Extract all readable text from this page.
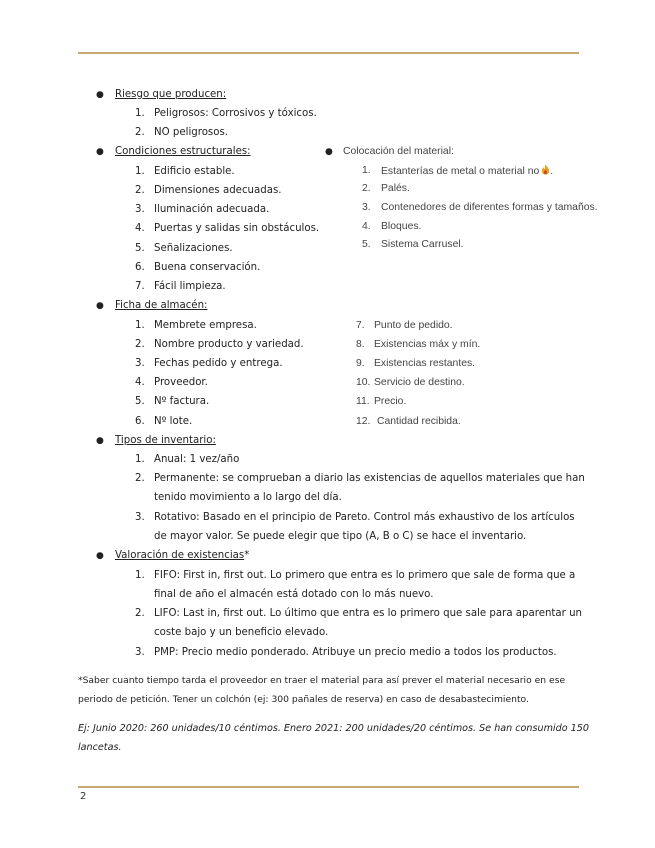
● Riesgo que producen:
1. Peligrosos: Corrosivos y tóxicos.
2. NO peligrosos.
● Condiciones estructurales:
1. Edificio estable.
2. Dimensiones adecuadas.
3. Iluminación adecuada.
4. Puertas y salidas sin obstáculos.
5. Señalizaciones.
6. Buena conservación.
7. Fácil limpieza.
● Colocación del material:
1. Estanterías de metal o material no .
2. Palés.
3. Contenedores de diferentes formas y tamaños.
4. Bloques.
5. Sistema Carrusel.
● Ficha de almacén:
1. Membrete empresa.
2. Nombre producto y variedad.
3. Fechas pedido y entrega.
4. Proveedor.
5. Nº factura.
6. Nº lote.
7. Punto de pedido.
8. Existencias máx y mín.
9. Existencias restantes.
10. Servicio de destino.
11. Precio.
12. Cantidad recibida.
● Tipos de inventario:
1. Anual: 1 vez/año
2. Permanente: se comprueban a diario las existencias de aquellos materiales que han
tenido movimiento a lo largo del día.
3. Rotativo: Basado en el principio de Pareto. Control más exhaustivo de los artículos
de mayor valor. Se puede elegir que tipo (A, B o C) se hace el inventario.
● Valoración de existencias*
1. FIFO: First in, first out. Lo primero que entra es lo primero que sale de forma que a
final de año el almacén está dotado con lo más nuevo.
2. LIFO: Last in, first out. Lo último que entra es lo primero que sale para aparentar un
coste bajo y un beneficio elevado.
3. PMP: Precio medio ponderado. Atribuye un precio medio a todos los productos.
*Saber cuanto tiempo tarda el proveedor en traer el material para así prever el material necesario en ese
periodo de petición. Tener un colchón (ej: 300 pañales de reserva) en caso de desabastecimiento.
Ej: Junio 2020: 260 unidades/10 céntimos. Enero 2021: 200 unidades/20 céntimos. Se han consumido 150
lancetas.
2
